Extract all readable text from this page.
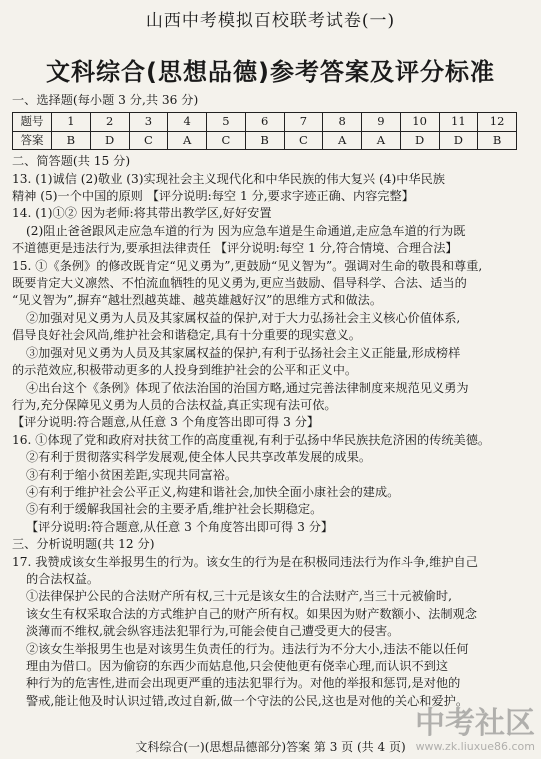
山西中考模拟百校联考试卷(一)
文科综合(思想品德)参考答案及评分标准
一、选择题(每小题 3 分,共 36 分)
题号	1	2	3	4	5	6	7	8	9	10	11	12
答案	B	D	C	A	C	B	C	A	A	D	D	B
二、简答题(共 15 分)
13. (1)诚信 (2)敬业 (3)实现社会主义现代化和中华民族的伟大复兴 (4)中华民族
精神 (5)一个中国的原则 【评分说明:每空 1 分,要求字迹正确、内容完整】
14. (1)①② 因为老师:将其带出教学区,好好安置
(2)阻止爸爸跟风走应急车道的行为 因为应急车道是生命通道,走应急车道的行为既
不道德更是违法行为,要承担法律责任 【评分说明:每空 1 分,符合情境、合理合法】
15. ①《条例》的修改既肯定“见义勇为”,更鼓励“见义智为”。强调对生命的敬畏和尊重,
既要肯定大义凛然、不怕流血牺牲的见义勇为,更应当鼓励、倡导科学、合法、适当的
“见义智为”,摒弃“越壮烈越英雄、越英雄越好汉”的思维方式和做法。
②加强对见义勇为人员及其家属权益的保护,对于大力弘扬社会主义核心价值体系,
倡导良好社会风尚,维护社会和谐稳定,具有十分重要的现实意义。
③加强对见义勇为人员及其家属权益的保护,有利于弘扬社会主义正能量,形成榜样
的示范效应,积极带动更多的人投身到维护社会的公平和正义中。
④出台这个《条例》体现了依法治国的治国方略,通过完善法律制度来规范见义勇为
行为,充分保障见义勇为人员的合法权益,真正实现有法可依。
【评分说明:符合题意,从任意 3 个角度答出即可得 3 分】
16. ①体现了党和政府对扶贫工作的高度重视,有利于弘扬中华民族扶危济困的传统美德。
②有利于贯彻落实科学发展观,使全体人民共享改革发展的成果。
③有利于缩小贫困差距,实现共同富裕。
④有利于维护社会公平正义,构建和谐社会,加快全面小康社会的建成。
⑤有利于缓解我国社会的主要矛盾,维护社会长期稳定。
【评分说明:符合题意,从任意 3 个角度答出即可得 3 分】
三、分析说明题(共 12 分)
17. 我赞成该女生举报男生的行为。该女生的行为是在积极同违法行为作斗争,维护自己
的合法权益。
①法律保护公民的合法财产所有权,三十元是该女生的合法财产,当三十元被偷时,
该女生有权采取合法的方式维护自己的财产所有权。如果因为财产数额小、法制观念
淡薄而不维权,就会纵容违法犯罪行为,可能会使自己遭受更大的侵害。
②该女生举报男生也是对该男生负责任的行为。违法行为不分大小,违法不能以任何
理由为借口。因为偷窃的东西少而姑息他,只会使他更有侥幸心理,而认识不到这
种行为的危害性,进而会出现更严重的违法犯罪行为。对他的举报和惩罚,是对他的
警戒,能让他及时认识过错,改过自新,做一个守法的公民,这也是对他的关心和爱护。
文科综合(一)(思想品德部分)答案 第 3 页 (共 4 页)
中考社区
www.zk.liuxue86.com
